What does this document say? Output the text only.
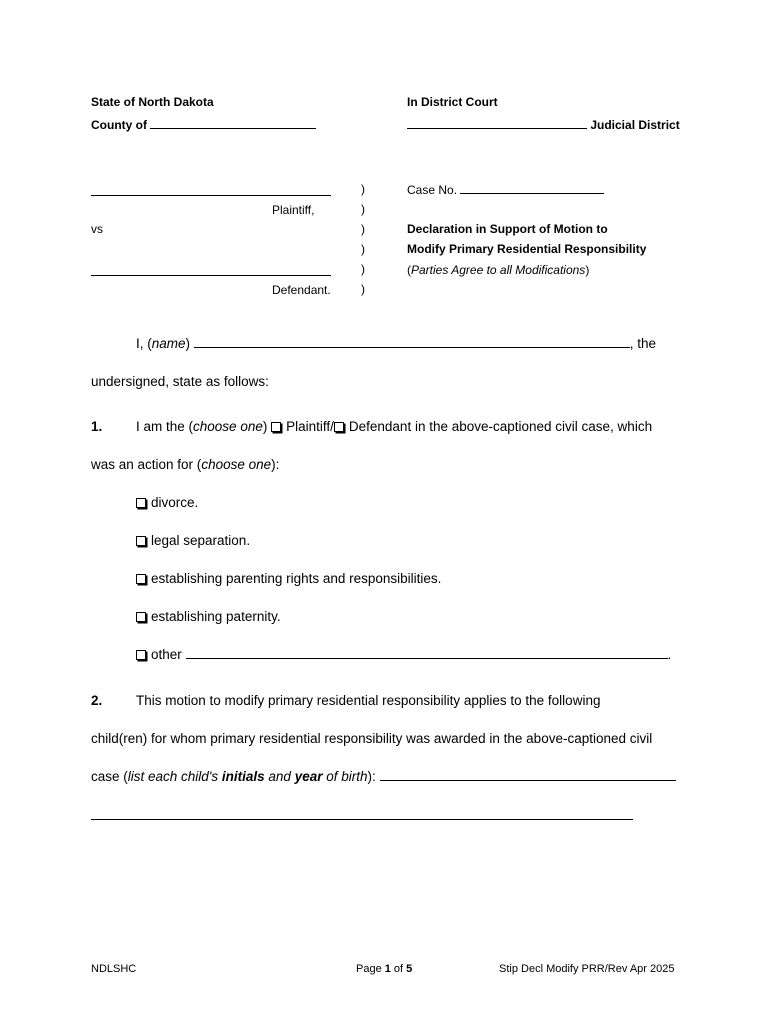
State of North Dakota
County of
In District Court
Judicial District
Plaintiff,
vs
Defendant.
)
)
)
)
)
)
Case No.
Declaration in Support of Motion to
Modify Primary Residential Responsibility
(Parties Agree to all Modifications)
I, (name)	, the
undersigned, state as follows:
1. I am the (choose one) Plaintiff/ Defendant in the above-captioned civil case, which
was an action for (choose one):
divorce.
legal separation.
establishing parenting rights and responsibilities.
establishing paternity.
other	.
2. This motion to modify primary residential responsibility applies to the following
child(ren) for whom primary residential responsibility was awarded in the above-captioned civil
case (list each child's initials and year of birth):
NDLSHC	Page 1 of 5	Stip Decl Modify PRR/Rev Apr 2025
